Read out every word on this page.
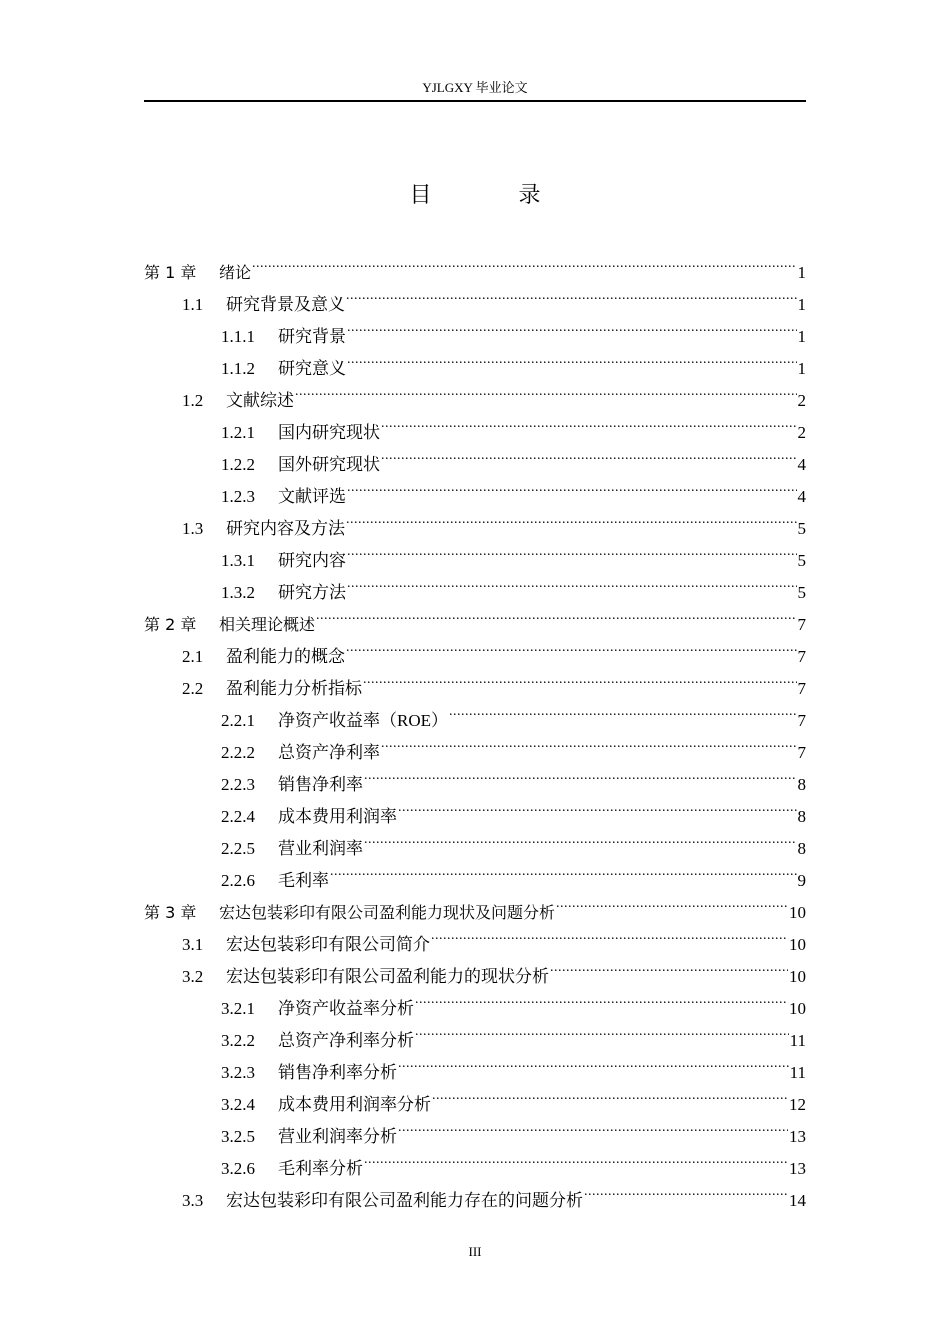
YJLGXY 毕业论文
目 录
第 1 章	绪论 .....	1
1.1	研究背景及意义 .....	1
1.1.1	研究背景 .....	1
1.1.2	研究意义 .....	1
1.2	文献综述 .....	2
1.2.1	国内研究现状 .....	2
1.2.2	国外研究现状 .....	4
1.2.3	文献评选 .....	4
1.3	研究内容及方法 .....	5
1.3.1	研究内容 .....	5
1.3.2	研究方法 .....	5
第 2 章	相关理论概述 .....	7
2.1	盈利能力的概念 .....	7
2.2	盈利能力分析指标 .....	7
2.2.1	净资产收益率（ROE） .....	7
2.2.2	总资产净利率 .....	7
2.2.3	销售净利率 .....	8
2.2.4	成本费用利润率 .....	8
2.2.5	营业利润率 .....	8
2.2.6	毛利率 .....	9
第 3 章	宏达包装彩印有限公司盈利能力现状及问题分析 .....	10
3.1	宏达包装彩印有限公司简介 .....	10
3.2	宏达包装彩印有限公司盈利能力的现状分析 .....	10
3.2.1	净资产收益率分析 .....	10
3.2.2	总资产净利率分析 .....	11
3.2.3	销售净利率分析 .....	11
3.2.4	成本费用利润率分析 .....	12
3.2.5	营业利润率分析 .....	13
3.2.6	毛利率分析 .....	13
3.3	宏达包装彩印有限公司盈利能力存在的问题分析 .....	14
III
